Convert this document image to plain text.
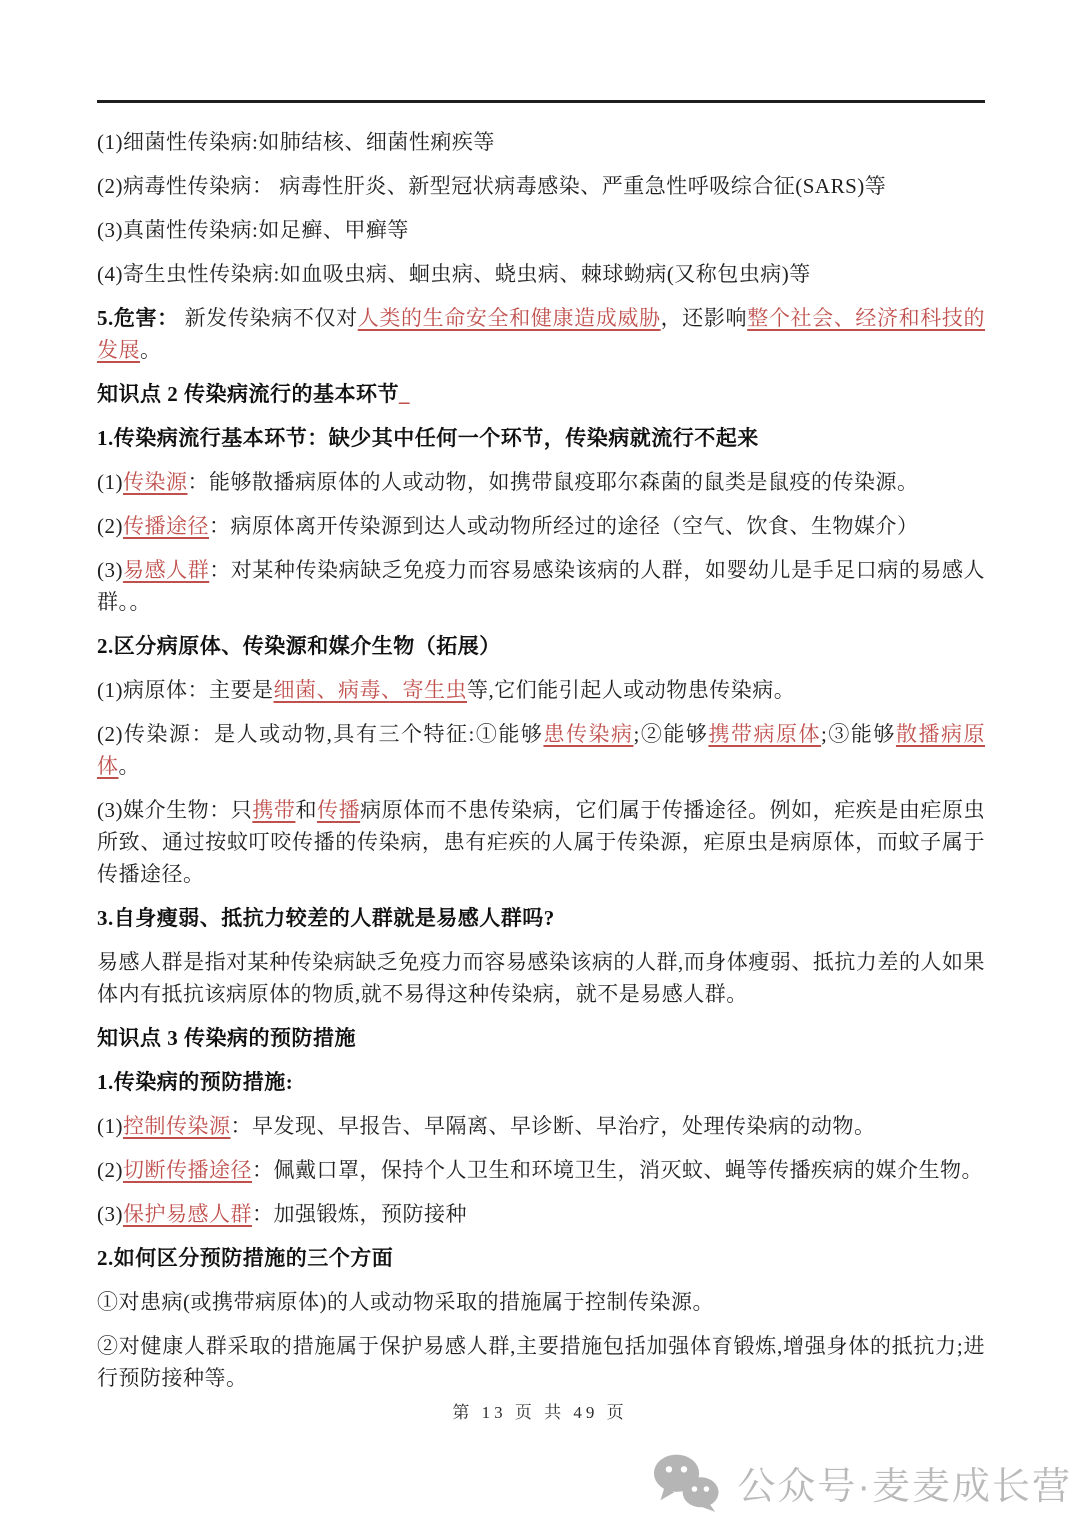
(1)细菌性传染病:如肺结核、细菌性痢疾等
(2)病毒性传染病： 病毒性肝炎、新型冠状病毒感染、严重急性呼吸综合征(SARS)等
(3)真菌性传染病:如足癣、甲癣等
(4)寄生虫性传染病:如血吸虫病、蛔虫病、蛲虫病、棘球蚴病(又称包虫病)等
5.危害： 新发传染病不仅对人类的生命安全和健康造成威胁，还影响整个社会、经济和科技的发展。
知识点 2 传染病流行的基本环节_
1.传染病流行基本环节：缺少其中任何一个环节，传染病就流行不起来
(1)传染源：能够散播病原体的人或动物，如携带鼠疫耶尔森菌的鼠类是鼠疫的传染源。
(2)传播途径：病原体离开传染源到达人或动物所经过的途径（空气、饮食、生物媒介）
(3)易感人群：对某种传染病缺乏免疫力而容易感染该病的人群，如婴幼儿是手足口病的易感人群。。
2.区分病原体、传染源和媒介生物（拓展）
(1)病原体：主要是细菌、病毒、寄生虫等,它们能引起人或动物患传染病。
(2)传染源：是人或动物,具有三个特征:①能够患传染病;②能够携带病原体;③能够散播病原体。
(3)媒介生物：只携带和传播病原体而不患传染病，它们属于传播途径。例如，疟疾是由疟原虫所致、通过按蚊叮咬传播的传染病，患有疟疾的人属于传染源，疟原虫是病原体，而蚊子属于传播途径。
3.自身瘦弱、抵抗力较差的人群就是易感人群吗?
易感人群是指对某种传染病缺乏免疫力而容易感染该病的人群,而身体瘦弱、抵抗力差的人如果体内有抵抗该病原体的物质,就不易得这种传染病，就不是易感人群。
知识点 3 传染病的预防措施
1.传染病的预防措施:
(1)控制传染源：早发现、早报告、早隔离、早诊断、早治疗，处理传染病的动物。
(2)切断传播途径：佩戴口罩，保持个人卫生和环境卫生，消灭蚊、蝇等传播疾病的媒介生物。
(3)保护易感人群：加强锻炼，预防接种
2.如何区分预防措施的三个方面
①对患病(或携带病原体)的人或动物采取的措施属于控制传染源。
②对健康人群采取的措施属于保护易感人群,主要措施包括加强体育锻炼,增强身体的抵抗力;进行预防接种等。
第 13 页 共 49 页
公众号·麦麦成长营
